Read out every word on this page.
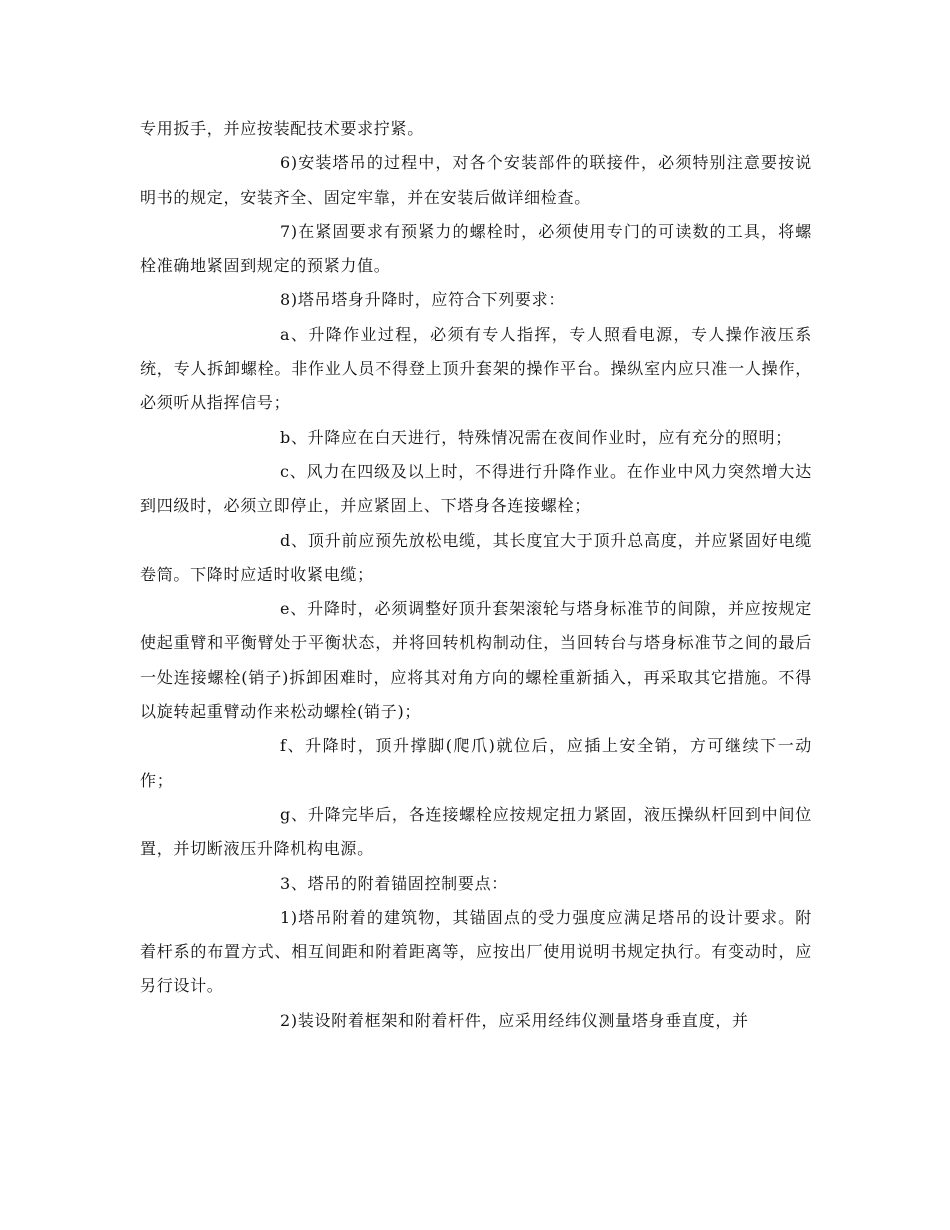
专用扳手，并应按装配技术要求拧紧。

6)安装塔吊的过程中，对各个安装部件的联接件，必须特别注意要按说明书的规定，安装齐全、固定牢靠，并在安装后做详细检查。

7)在紧固要求有预紧力的螺栓时，必须使用专门的可读数的工具，将螺栓准确地紧固到规定的预紧力值。

8)塔吊塔身升降时，应符合下列要求：

a、升降作业过程，必须有专人指挥，专人照看电源，专人操作液压系统，专人拆卸螺栓。非作业人员不得登上顶升套架的操作平台。操纵室内应只准一人操作，必须听从指挥信号；

b、升降应在白天进行，特殊情况需在夜间作业时，应有充分的照明；

c、风力在四级及以上时，不得进行升降作业。在作业中风力突然增大达到四级时，必须立即停止，并应紧固上、下塔身各连接螺栓；

d、顶升前应预先放松电缆，其长度宜大于顶升总高度，并应紧固好电缆卷筒。下降时应适时收紧电缆；

e、升降时，必须调整好顶升套架滚轮与塔身标准节的间隙，并应按规定使起重臂和平衡臂处于平衡状态，并将回转机构制动住，当回转台与塔身标准节之间的最后一处连接螺栓(销子)拆卸困难时，应将其对角方向的螺栓重新插入，再采取其它措施。不得以旋转起重臂动作来松动螺栓(销子)；

f、升降时，顶升撑脚(爬爪)就位后，应插上安全销，方可继续下一动作；

g、升降完毕后，各连接螺栓应按规定扭力紧固，液压操纵杆回到中间位置，并切断液压升降机构电源。

3、塔吊的附着锚固控制要点：

1)塔吊附着的建筑物，其锚固点的受力强度应满足塔吊的设计要求。附着杆系的布置方式、相互间距和附着距离等，应按出厂使用说明书规定执行。有变动时，应另行设计。

2)装设附着框架和附着杆件，应采用经纬仪测量塔身垂直度，并
